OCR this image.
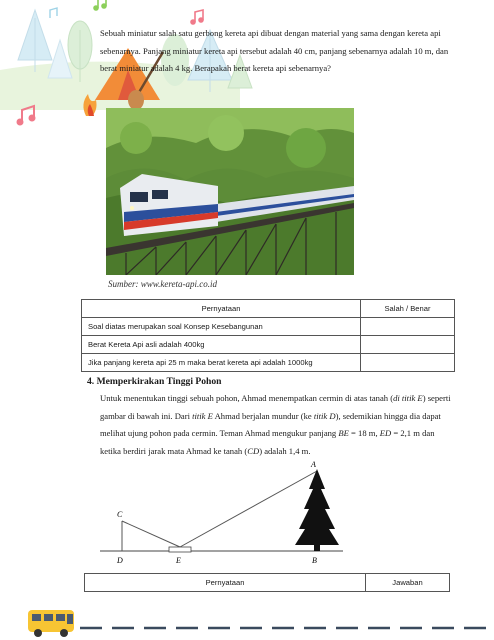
Sebuah miniatur salah satu gerbong kereta api dibuat dengan material yang sama dengan kereta api sebenarnya. Panjang miniatur kereta api tersebut adalah 40 cm, panjang sebenarnya adalah 10 m, dan berat miniatur adalah 4 kg. Berapakah berat kereta api sebenarnya?
Sumber: www.kereta-api.co.id
Pernyataan	Salah / Benar
Soal diatas merupakan soal Konsep Kesebangunan	
Berat Kereta Api asli adalah 400kg	
Jika panjang kereta api 25 m maka berat kereta api adalah 1000kg	
4. Memperkirakan Tinggi Pohon
Untuk menentukan tinggi sebuah pohon, Ahmad menempatkan cermin di atas tanah (di titik E) seperti gambar di bawah ini. Dari titik E Ahmad berjalan mundur (ke titik D), sedemikian hingga dia dapat melihat ujung pohon pada cermin. Teman Ahmad mengukur panjang BE = 18 m, ED = 2,1 m dan ketika berdiri jarak mata Ahmad ke tanah (CD) adalah 1,4 m.
C
D	E	B
A
Pernyataan	Jawaban
